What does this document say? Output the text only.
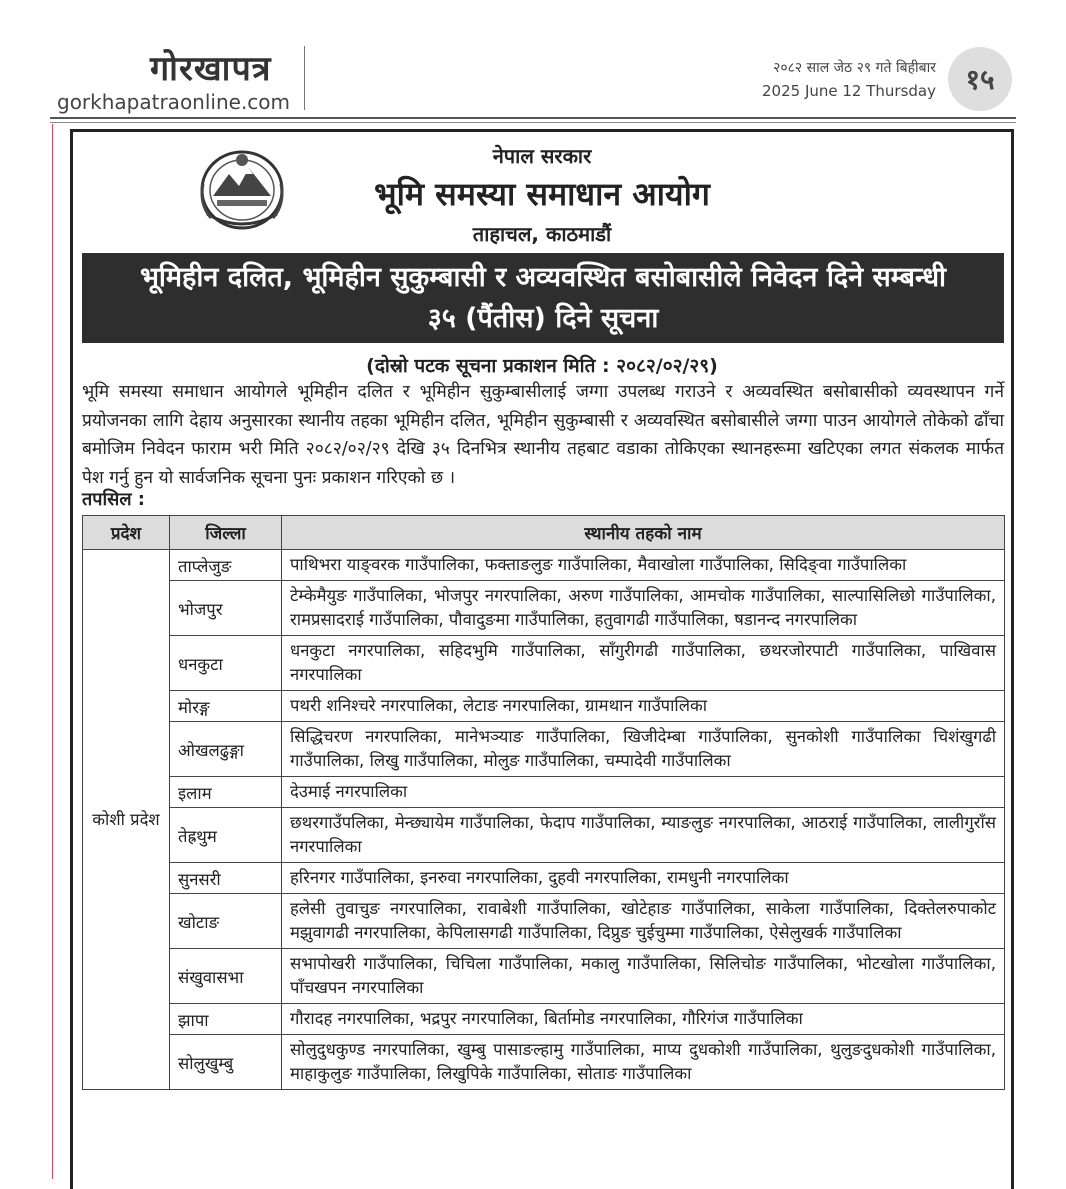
गोरखापत्र
gorkhapatraonline.com
२०८२ साल जेठ २९ गते बिहीबार
2025 June 12 Thursday	१५
नेपाल सरकार
भूमि समस्या समाधान आयोग
ताहाचल, काठमाडौं
भूमिहीन दलित, भूमिहीन सुकुम्बासी र अव्यवस्थित बसोबासीले निवेदन दिने सम्बन्धी
३५ (पैंतीस) दिने सूचना
(दोस्रो पटक सूचना प्रकाशन मिति : २०८२/०२/२९)
भूमि समस्या समाधान आयोगले भूमिहीन दलित र भूमिहीन सुकुम्बासीलाई जग्गा उपलब्ध गराउने र अव्यवस्थित बसोबासीको व्यवस्थापन गर्ने प्रयोजनका लागि देहाय अनुसारका स्थानीय तहका भूमिहीन दलित, भूमिहीन सुकुम्बासी र अव्यवस्थित बसोबासीले जग्गा पाउन आयोगले तोकेको ढाँचा बमोजिम निवेदन फाराम भरी मिति २०८२/०२/२९ देखि ३५ दिनभित्र स्थानीय तहबाट वडाका तोकिएका स्थानहरूमा खटिएका लगत संकलक मार्फत पेश गर्नु हुन यो सार्वजनिक सूचना पुनः प्रकाशन गरिएको छ ।
तपसिल :
प्रदेश	जिल्ला	स्थानीय तहको नाम
कोशी प्रदेश	ताप्लेजुङ	पाथिभरा याङ्वरक गाउँपालिका, फक्ताङलुङ गाउँपालिका, मैवाखोला गाउँपालिका, सिदिङ्वा गाउँपालिका
	भोजपुर	टेम्केमैयुङ गाउँपालिका, भोजपुर नगरपालिका, अरुण गाउँपालिका, आमचोक गाउँपालिका, साल्पासिलिछो गाउँपालिका, रामप्रसादराई गाउँपालिका, पौवादुङमा गाउँपालिका, हतुवागढी गाउँपालिका, षडानन्द नगरपालिका
	धनकुटा	धनकुटा नगरपालिका, सहिदभुमि गाउँपालिका, साँगुरीगढी गाउँपालिका, छथरजोरपाटी गाउँपालिका, पाखिवास नगरपालिका
	मोरङ्ग	पथरी शनिश्चरे नगरपालिका, लेटाङ नगरपालिका, ग्रामथान गाउँपालिका
	ओखलढुङ्गा	सिद्धिचरण नगरपालिका, मानेभञ्याङ गाउँपालिका, खिजीदेम्बा गाउँपालिका, सुनकोशी गाउँपालिका चिशंखुगढी गाउँपालिका, लिखु गाउँपालिका, मोलुङ गाउँपालिका, चम्पादेवी गाउँपालिका
	इलाम	देउमाई नगरपालिका
	तेह्रथुम	छथरगाउँपलिका, मेन्छ्यायेम गाउँपालिका, फेदाप गाउँपालिका, म्याङलुङ नगरपालिका, आठराई गाउँपालिका, लालीगुराँस नगरपालिका
	सुनसरी	हरिनगर गाउँपालिका, इनरुवा नगरपालिका, दुहवी नगरपालिका, रामधुनी नगरपालिका
	खोटाङ	हलेसी तुवाचुङ नगरपालिका, रावाबेशी गाउँपालिका, खोटेहाङ गाउँपालिका, साकेला गाउँपालिका, दिक्तेलरुपाकोट मझुवागढी नगरपालिका, केपिलासगढी गाउँपालिका, दिप्रुङ चुईचुम्मा गाउँपालिका, ऐसेलुखर्क गाउँपालिका
	संखुवासभा	सभापोखरी गाउँपालिका, चिचिला गाउँपालिका, मकालु गाउँपालिका, सिलिचोङ गाउँपालिका, भोटखोला गाउँपालिका, पाँचखपन नगरपालिका
	झापा	गौरादह नगरपालिका, भद्रपुर नगरपालिका, बिर्तामोड नगरपालिका, गौरिगंज गाउँपालिका
	सोलुखुम्बु	सोलुदुधकुण्ड नगरपालिका, खुम्बु पासाङल्हामु गाउँपालिका, माप्य दुधकोशी गाउँपालिका, थुलुङदुधकोशी गाउँपालिका, माहाकुलुङ गाउँपालिका, लिखुपिके गाउँपालिका, सोताङ गाउँपालिका
